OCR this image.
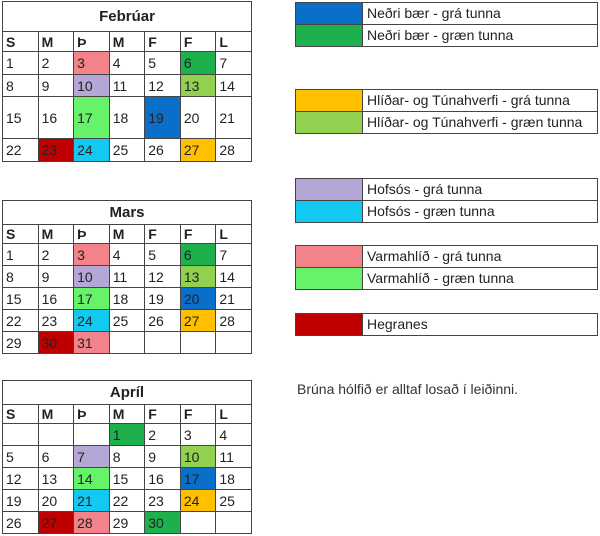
Febrúar						
S	M	Þ	M	F	F	L
1	2	3	4	5	6	7
8	9	10	11	12	13	14
15	16	17	18	19	20	21
22	23	24	25	26	27	28
Mars						
S	M	Þ	M	F	F	L
1	2	3	4	5	6	7
8	9	10	11	12	13	14
15	16	17	18	19	20	21
22	23	24	25	26	27	28
29	30	31				
Apríl						
S	M	Þ	M	F	F	L
			1	2	3	4
5	6	7	8	9	10	11
12	13	14	15	16	17	18
19	20	21	22	23	24	25
26	27	28	29	30		
	Neðri bær - grá tunna
	Neðri bær - græn tunna
	Hlíðar- og Túnahverfi - grá tunna
	Hlíðar- og Túnahverfi - græn tunna
	Hofsós - grá tunna
	Hofsós - græn tunna
	Varmahlíð - grá tunna
	Varmahlíð - græn tunna
	Hegranes
Brúna hólfið er alltaf losað í leiðinni.
